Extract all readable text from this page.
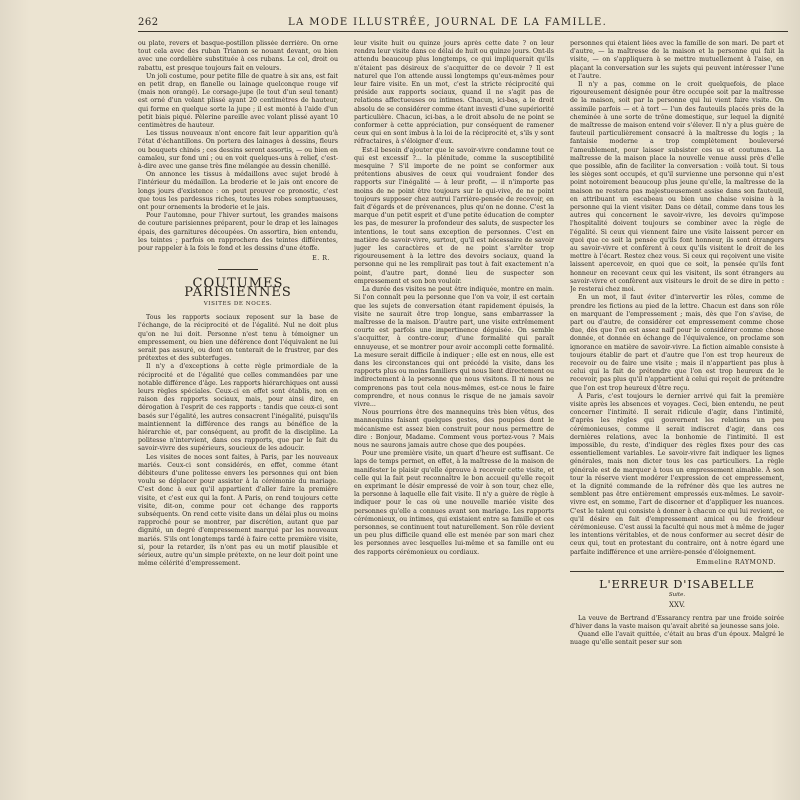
262	LA MODE ILLUSTRÉE, JOURNAL DE LA FAMILLE.

ou plate, revers et basque-postillon plissée derrière. On orne tout cela avec des ruban Trianon se nouant devant, ou bien avec une cordelière substituée à ces rubans. Le col, droit ou rabattu, est presque toujours fait en velours.

Un joli costume, pour petite fille de quatre à six ans, est fait en petit drap, en flanelle ou lainage quelconque rouge vif (mais non orangé). Le corsage-jupe (le tout d'un seul tenant) est orné d'un volant plissé ayant 20 centimètres de hauteur, qui forme en quelque sorte la jupe ; il est monté à l'aide d'un petit biais piqué. Pèlerine pareille avec volant plissé ayant 10 centimètres de hauteur.

Les tissus nouveaux n'ont encore fait leur apparition qu'à l'état d'échantillons. On portera des lainages à dessins, fleurs ou bouquets chinés ; ces dessins seront assortis, — ou bien en camaïeu, sur fond uni ; ou en voit quelques-uns à relief, c'est-à-dire avec une ganse très fine mélangée au dessin chenillé.

On annonce les tissus à médaillons avec sujet brodé à l'intérieur du médaillon. La broderie et le jais ont encore de longs jours d'existence : on peut prouver ce pronostic, c'est que tous les pardessus riches, toutes les robes somptueuses, ont pour ornements la broderie et le jais.

Pour l'automne, pour l'hiver surtout, les grandes maisons de couture parisiennes préparent, pour le drap et les lainages épais, des garnitures découpées. On assortira, bien entendu, les teintes ; parfois on rapprochera des teintes différentes, pour rappeler à la fois le fond et les dessins d'une étoffe.

E. R.
COUTUMES PARISIENNES
VISITES DE NOCES.

Tous les rapports sociaux reposent sur la base de l'échange, de la réciprocité et de l'égalité. Nul ne doit plus qu'on ne lui doit. Personne n'est tenu à témoigner un empressement, ou bien une déférence dont l'équivalent ne lui serait pas assuré, ou dont on tenterait de le frustrer, par des prétextes et des subterfuges.

Il n'y a d'exceptions à cette règle primordiale de la réciprocité et de l'égalité que celles commandées par une notable différence d'âge. Les rapports hiérarchiques ont aussi leurs règles spéciales. Ceux-ci en effet sont établis, non en raison des rapports sociaux, mais, pour ainsi dire, en dérogation à l'esprit de ces rapports : tandis que ceux-ci sont basés sur l'égalité, les autres consacrent l'inégalité, puisqu'ils maintiennent la différence des rangs au bénéfice de la hiérarchie et, par conséquent, au profit de la discipline. La politesse n'intervient, dans ces rapports, que par le fait du savoir-vivre des supérieurs, soucieux de les adoucir.

Les visites de noces sont faites, à Paris, par les nouveaux mariés. Ceux-ci sont considérés, en effet, comme étant débiteurs d'une politesse envers les personnes qui ont bien voulu se déplacer pour assister à la cérémonie du mariage. C'est donc à eux qu'il appartient d'aller faire la première visite, et c'est eux qui la font. À Paris, on rend toujours cette visite, dit-on, comme pour cet échange des rapports subséquents. On rend cette visite dans un délai plus ou moins rapproché pour se montrer, par discrétion, autant que par dignité, un degré d'empressement marqué par les nouveaux mariés. S'ils ont longtemps tardé à faire cette première visite, si, pour la retarder, ils n'ont pas eu un motif plausible et sérieux, autre qu'un simple prétexte, on ne leur doit point une même célérité d'empressement.

leur visite huit ou quinze jours après cette date ? on leur rendra leur visite dans ce délai de huit ou quinze jours. Ont-ils attendu beaucoup plus longtemps, ce qui impliquerait qu'ils n'étaient pas désireux de s'acquitter de ce devoir ? Il est naturel que l'on attende aussi longtemps qu'eux-mêmes pour leur faire visite. En un mot, c'est la stricte réciprocité qui préside aux rapports sociaux, quand il ne s'agit pas de relations affectueuses ou intimes. Chacun, ici-bas, a le droit absolu de se considérer comme étant investi d'une supériorité particulière. Chacun, ici-bas, a le droit absolu de ne point se conformer à cette appréciation, pur conséquent de ramener ceux qui en sont imbus à la loi de la réciprocité et, s'ils y sont réfractaires, à s'éloigner d'eux.

Est-il besoin d'ajouter que le savoir-vivre condamne tout ce qui est excessif ?... la plénitude, comme la susceptibilité mesquine ? S'il importe de ne point se conformer aux prétentions abusives de ceux qui voudraient fonder des rapports sur l'inégalité — à leur profit, — il n'importe pas moins de ne point être toujours sur le qui-vive, de ne point toujours supposer chez autrui l'arrière-pensée de recevoir, en fait d'égards et de prévenances, plus qu'on ne donne. C'est la marque d'un petit esprit et d'une petite éducation de compter les pas, de mesurer la profondeur des saluts, de suspecter les intentions, le tout sans exception de personnes. C'est en matière de savoir-vivre, surtout, qu'il est nécessaire de savoir juger les caractères et de ne point s'arrêter trop rigoureusement à la lettre des devoirs sociaux, quand la personne qui ne les remplirait pas tout à fait exactement n'a point, d'autre part, donné lieu de suspecter son empressement et son bon vouloir.

La durée des visites ne peut être indiquée, montre en main. Si l'on connaît peu la personne que l'on va voir, il est certain que les sujets de conversation étant rapidement épuisés, la visite ne saurait être trop longue, sans embarrasser la maîtresse de la maison. D'autre part, une visite extrêmement courte est parfois une impertinence déguisée. On semble s'acquitter, à contre-cœur, d'une formalité qui paraît ennuyeuse, et se montrer pour avoir accompli cette formalité. La mesure serait difficile à indiquer ; elle est en nous, elle est dans les circonstances qui ont précédé la visite, dans les rapports plus ou moins familiers qui nous lient directement ou indirectement à la personne que nous visitons. Il ni nous ne comprenons pas tout cela nous-mêmes, est-ce nous le faire comprendre, et nous connus le risque de ne jamais savoir vivre...

Nous pourrions être des mannequins très bien vêtus, des mannequins faisant quelques gestes, des poupées dont le mécanisme est assez bien construit pour nous permettre de dire : Bonjour, Madame. Comment vous portez-vous ? Mais nous ne saurons jamais autre chose que des poupées.

Pour une première visite, un quart d'heure est suffisant. Ce laps de temps permet, en effet, à la maîtresse de la maison de manifester le plaisir qu'elle éprouve à recevoir cette visite, et celle qui la fait peut reconnaître le bon accueil qu'elle reçoit en exprimant le désir empressé de voir à son tour, chez elle, la personne à laquelle elle fait visite. Il n'y a guère de règle à indiquer pour le cas où une nouvelle mariée visite des personnes qu'elle a connues avant son mariage. Les rapports cérémonieux, ou intimes, qui existaient entre sa famille et ces personnes, se continuent tout naturellement. Son rôle devient un peu plus difficile quand elle est menée par son mari chez les personnes avec lesquelles lui-même et sa famille ont eu des rapports cérémonieux ou cordiaux.

personnes qui étaient liées avec la famille de son mari. De part et d'autre, — la maîtresse de la maison et la personne qui fait la visite, — on s'appliquera à se mettre mutuellement à l'aise, en plaçant la conversation sur les sujets qui peuvent intéresser l'une et l'autre.

Il n'y a pas, comme on le croit quelquefois, de place rigoureusement désignée pour être occupée soit par la maîtresse de la maison, soit par la personne qui lui vient faire visite. On assimile parfois — et à tort — l'un des fauteuils placés près de la cheminée à une sorte de trône domestique, sur lequel la dignité de maîtresse de maison entend voir s'élever. Il n'y a plus guère de fauteuil particulièrement consacré à la maîtresse du logis ; la fantaisie moderne a trop complètement bouleversé l'ameublement, pour laisser subsister ces us et coutumes. La maîtresse de la maison place la nouvelle venue aussi près d'elle que possible, afin de faciliter la conversation : voilà tout. Si tous les sièges sont occupés, et qu'il survienne une personne qui n'est point notoirement beaucoup plus jeune qu'elle, la maîtresse de la maison ne restera pas majestueusement assise dans son fauteuil, en attribuant un escabeau ou bien une chaise voisine à la personne qui la vient visiter. Dans ce détail, comme dans tous les autres qui concernent le savoir-vivre, les devoirs qu'impose l'hospitalité doivent toujours se combiner avec la règle de l'égalité. Si ceux qui viennent faire une visite laissent percer en quoi que ce soit la pensée qu'ils font honneur, ils sont étrangers au savoir-vivre et confèrent à ceux qu'ils visitent le droit de les mettre à l'écart. Restez chez vous. Si ceux qui reçoivent une visite laissent apercevoir, en quoi que ce soit, la pensée qu'ils font honneur en recevant ceux qui les visitent, ils sont étrangers au savoir-vivre et confèrent aux visiteurs le droit de se dire in petto : Je resterai chez moi.

En un mot, il faut éviter d'intervertir les rôles, comme de prendre les fictions au pied de la lettre. Chacun est dans son rôle en marquant de l'empressement ; mais, dès que l'on s'avise, de part ou d'autre, de considérer cet empressement comme chose due, dès que l'on est assez naïf pour le considérer comme chose donnée, et donnée en échange de l'équivalence, on proclame son ignorance en matière de savoir-vivre. La fiction aimable consiste à toujours établir de part et d'autre que l'on est trop heureux de recevoir ou de faire une visite ; mais il n'appartient pas plus à celui qui la fait de prétendre que l'on est trop heureux de le recevoir, pas plus qu'il n'appartient à celui qui reçoit de prétendre que l'on est trop heureux d'être reçu.

À Paris, c'est toujours le dernier arrivé qui fait la première visite après les absences et voyages. Ceci, bien entendu, ne peut concerner l'intimité. Il serait ridicule d'agir, dans l'intimité, d'après les règles qui gouvernent les relations un peu cérémonieuses, comme il serait indiscret d'agir, dans ces dernières relations, avec la bonhomie de l'intimité. Il est impossible, du reste, d'indiquer des règles fixes pour des cas essentiellement variables. Le savoir-vivre fait indiquer les lignes générales, mais non dicter tous les cas particuliers. La règle générale est de marquer à tous un empressement aimable. À son tour la réserve vient modérer l'expression de cet empressement, et la dignité commande de la refréner dès que les autres ne semblent pas être entièrement empressés eux-mêmes. Le savoir-vivre est, en somme, l'art de discerner et d'appliquer les nuances. C'est le talent qui consiste à donner à chacun ce qui lui revient, ce qu'il désire en fait d'empressement amical ou de froideur cérémonieuse. C'est aussi la faculté qui nous met à même de juger les intentions véritables, et de nous conformer au secret désir de ceux qui, tout en protestant du contraire, ont à notre égard une parfaite indifférence et une arrière-pensée d'éloignement.

Emmeline RAYMOND.
L'ERREUR D'ISABELLE
Suite.
XXV.

La veuve de Bertrand d'Essarancy rentra par une froide soirée d'hiver dans la vaste maison qu'avait abrité sa jeunesse sans joie.

Quand elle l'avait quittée, c'était au bras d'un époux. Malgré le nuage qu'elle sentait peser sur son
